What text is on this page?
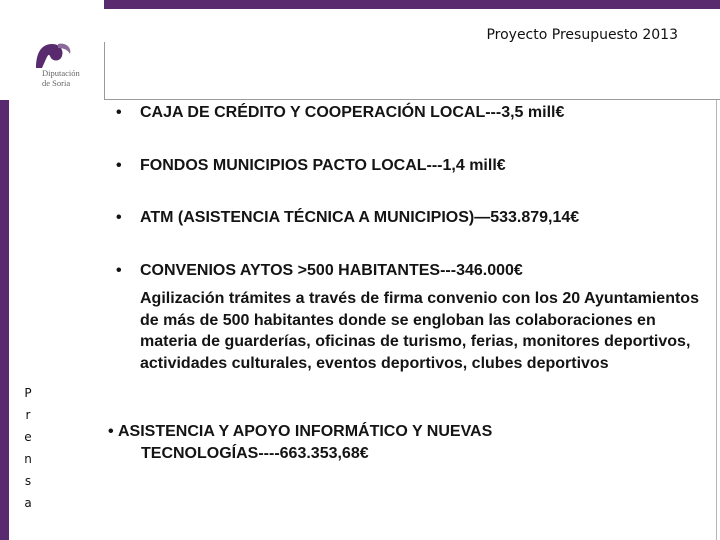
Proyecto Presupuesto 2013
Diputación
de Soria
P
r
e
n
s
a
• CAJA DE CRÉDITO Y COOPERACIÓN LOCAL---3,5 mill€
• FONDOS MUNICIPIOS PACTO LOCAL---1,4 mill€
• ATM (ASISTENCIA TÉCNICA A MUNICIPIOS)—533.879,14€
• CONVENIOS AYTOS >500 HABITANTES---346.000€
Agilización trámites a través de firma convenio con los 20 Ayuntamientos de más de 500 habitantes donde se engloban las colaboraciones en materia de guarderías, oficinas de turismo, ferias, monitores deportivos, actividades culturales, eventos deportivos, clubes deportivos
• ASISTENCIA Y APOYO INFORMÁTICO Y NUEVAS
TECNOLOGÍAS----663.353,68€
